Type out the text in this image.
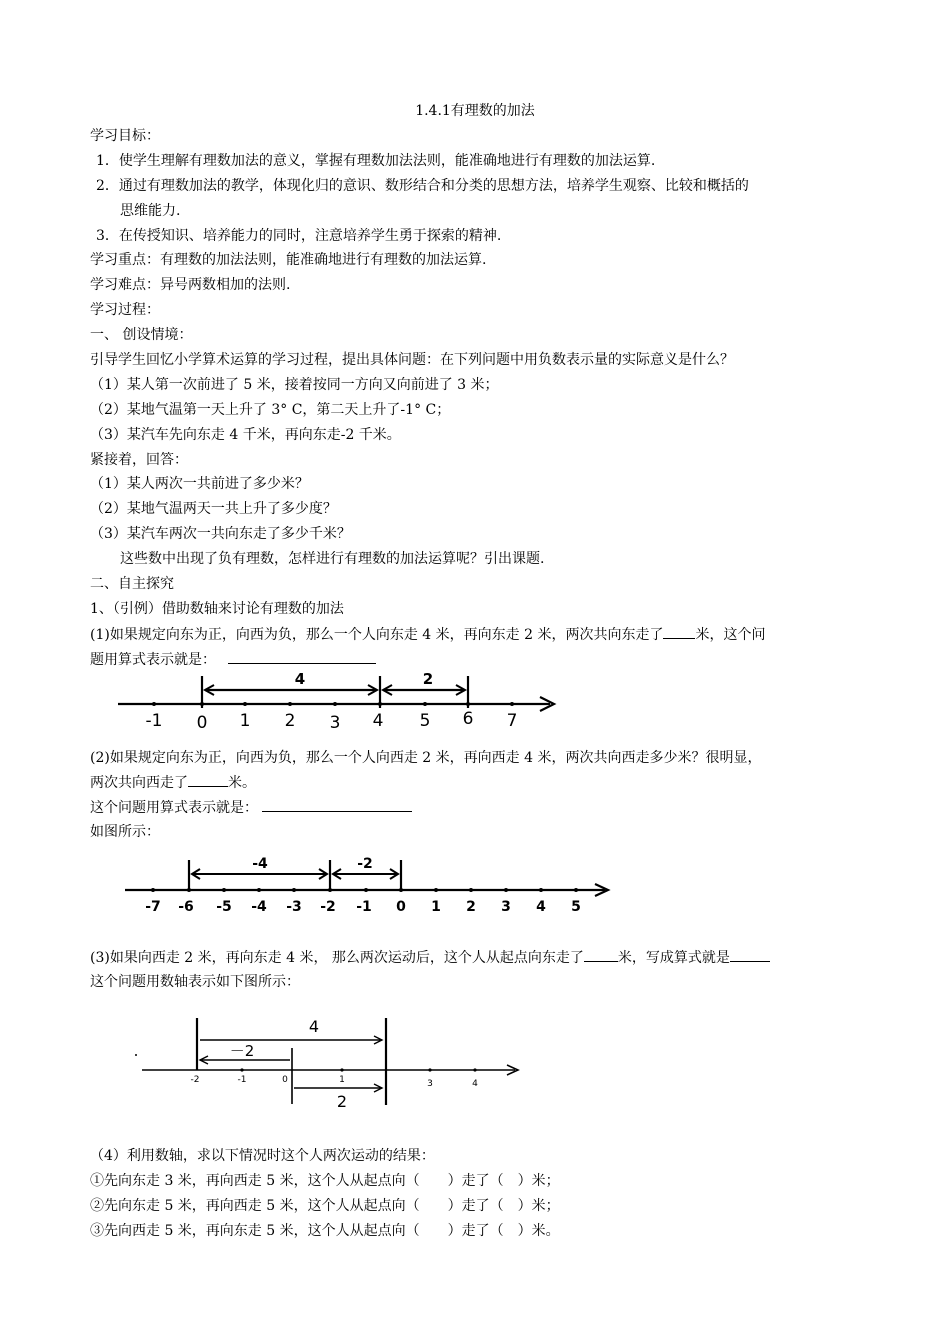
1.4.1有理数的加法
学习目标：
1．使学生理解有理数加法的意义，掌握有理数加法法则，能准确地进行有理数的加法运算.
2．通过有理数加法的教学，体现化归的意识、数形结合和分类的思想方法，培养学生观察、比较和概括的
思维能力.
3．在传授知识、培养能力的同时，注意培养学生勇于探索的精神.
学习重点：有理数的加法法则，能准确地进行有理数的加法运算.
学习难点：异号两数相加的法则.
学习过程：
一、 创设情境：
引导学生回忆小学算术运算的学习过程，提出具体问题：在下列问题中用负数表示量的实际意义是什么？
（1）某人第一次前进了 5 米，接着按同一方向又向前进了 3 米；
（2）某地气温第一天上升了 3° C，第二天上升了-1° C；
（3）某汽车先向东走 4 千米，再向东走-2 千米。
紧接着，回答：
（1）某人两次一共前进了多少米？
（2）某地气温两天一共上升了多少度？
（3）某汽车两次一共向东走了多少千米？
这些数中出现了负有理数，怎样进行有理数的加法运算呢？引出课题.
二、自主探究
1、（引例）借助数轴来讨论有理数的加法
(1)如果规定向东为正，向西为负，那么一个人向东走 4 米，再向东走 2 米，两次共向东走了 米，这个问
题用算式表示就是：
4	2
-1 0 1 2 3 4 5 6 7
(2)如果规定向东为正，向西为负，那么一个人向西走 2 米，再向西走 4 米，两次共向西走多少米？很明显，
两次共向西走了	米。
这个问题用算式表示就是：
如图所示：
-4	-2
-7 -6 -5 -4 -3 -2 -1 0 1 2 3 4 5
(3)如果向西走 2 米，再向东走 4 米， 那么两次运动后，这个人从起点向东走了 米，写成算式就是
这个问题用数轴表示如下图所示：
4
－2
2
-2	-1	0	1	3	4
（4）利用数轴，求以下情况时这个人两次运动的结果：
①先向东走 3 米，再向西走 5 米，这个人从起点向（　　）走了（　）米；
②先向东走 5 米，再向西走 5 米，这个人从起点向（　　）走了（　）米；
③先向西走 5 米，再向东走 5 米，这个人从起点向（　　）走了（　）米。
